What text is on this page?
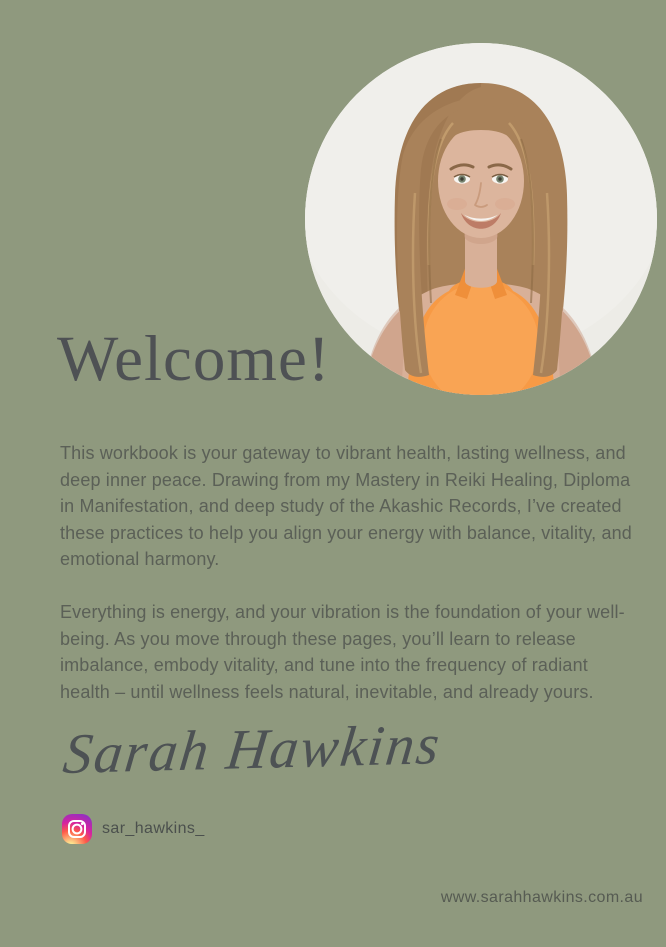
Welcome!

This workbook is your gateway to vibrant health, lasting wellness, and deep inner peace. Drawing from my Mastery in Reiki Healing, Diploma in Manifestation, and deep study of the Akashic Records, I’ve created these practices to help you align your energy with balance, vitality, and emotional harmony.

Everything is energy, and your vibration is the foundation of your well-being. As you move through these pages, you’ll learn to release imbalance, embody vitality, and tune into the frequency of radiant health – until wellness feels natural, inevitable, and already yours.

Sarah Hawkins
sar_hawkins_
www.sarahhawkins.com.au
